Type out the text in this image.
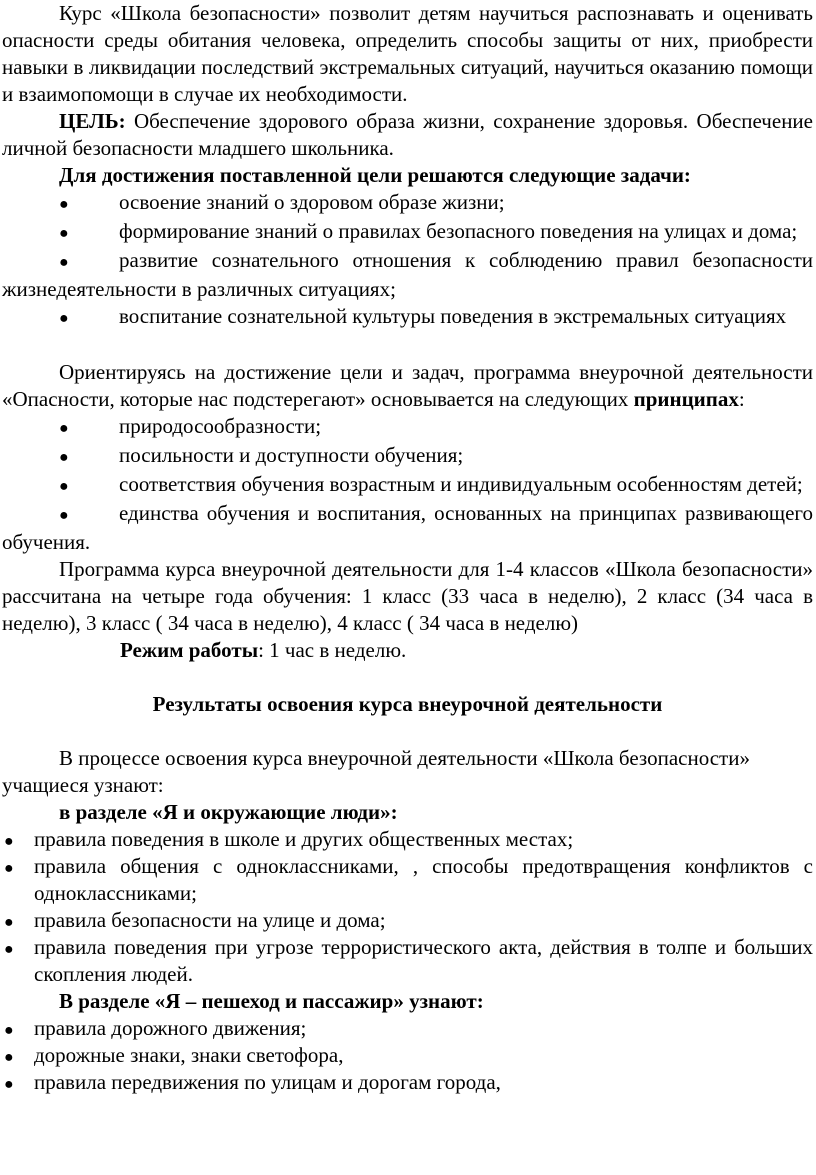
Курс «Школа безопасности» позволит детям научиться распознавать и оценивать опасности среды обитания человека, определить способы защиты от них, приобрести навыки в ликвидации последствий экстремальных ситуаций, научиться оказанию помощи и взаимопомощи в случае их необходимости.

ЦЕЛЬ: Обеспечение здорового образа жизни, сохранение здоровья. Обеспечение личной безопасности младшего школьника.

Для достижения поставленной цели решаются следующие задачи:

● освоение знаний о здоровом образе жизни;

● формирование знаний о правилах безопасного поведения на улицах и дома;

● развитие сознательного отношения к соблюдению правил безопасности жизнедеятельности в различных ситуациях;

● воспитание сознательной культуры поведения в экстремальных ситуациях

Ориентируясь на достижение цели и задач, программа внеурочной деятельности «Опасности, которые нас подстерегают» основывается на следующих принципах:

● природосообразности;

● посильности и доступности обучения;

● соответствия обучения возрастным и индивидуальным особенностям детей;

● единства обучения и воспитания, основанных на принципах развивающего обучения.

Программа курса внеурочной деятельности для 1-4 классов «Школа безопасности» рассчитана на четыре года обучения: 1 класс (33 часа в неделю), 2 класс (34 часа в неделю), 3 класс ( 34 часа в неделю), 4 класс ( 34 часа в неделю)

Режим работы: 1 час в неделю.

Результаты освоения курса внеурочной деятельности

В процессе освоения курса внеурочной деятельности «Школа безопасности» учащиеся узнают:

в разделе «Я и окружающие люди»:

● правила поведения в школе и других общественных местах;

● правила общения с одноклассниками, , способы предотвращения конфликтов с одноклассниками;

● правила безопасности на улице и дома;

● правила поведения при угрозе террористического акта, действия в толпе и больших скопления людей.

В разделе «Я – пешеход и пассажир» узнают:

● правила дорожного движения;

● дорожные знаки, знаки светофора,

● правила передвижения по улицам и дорогам города,
